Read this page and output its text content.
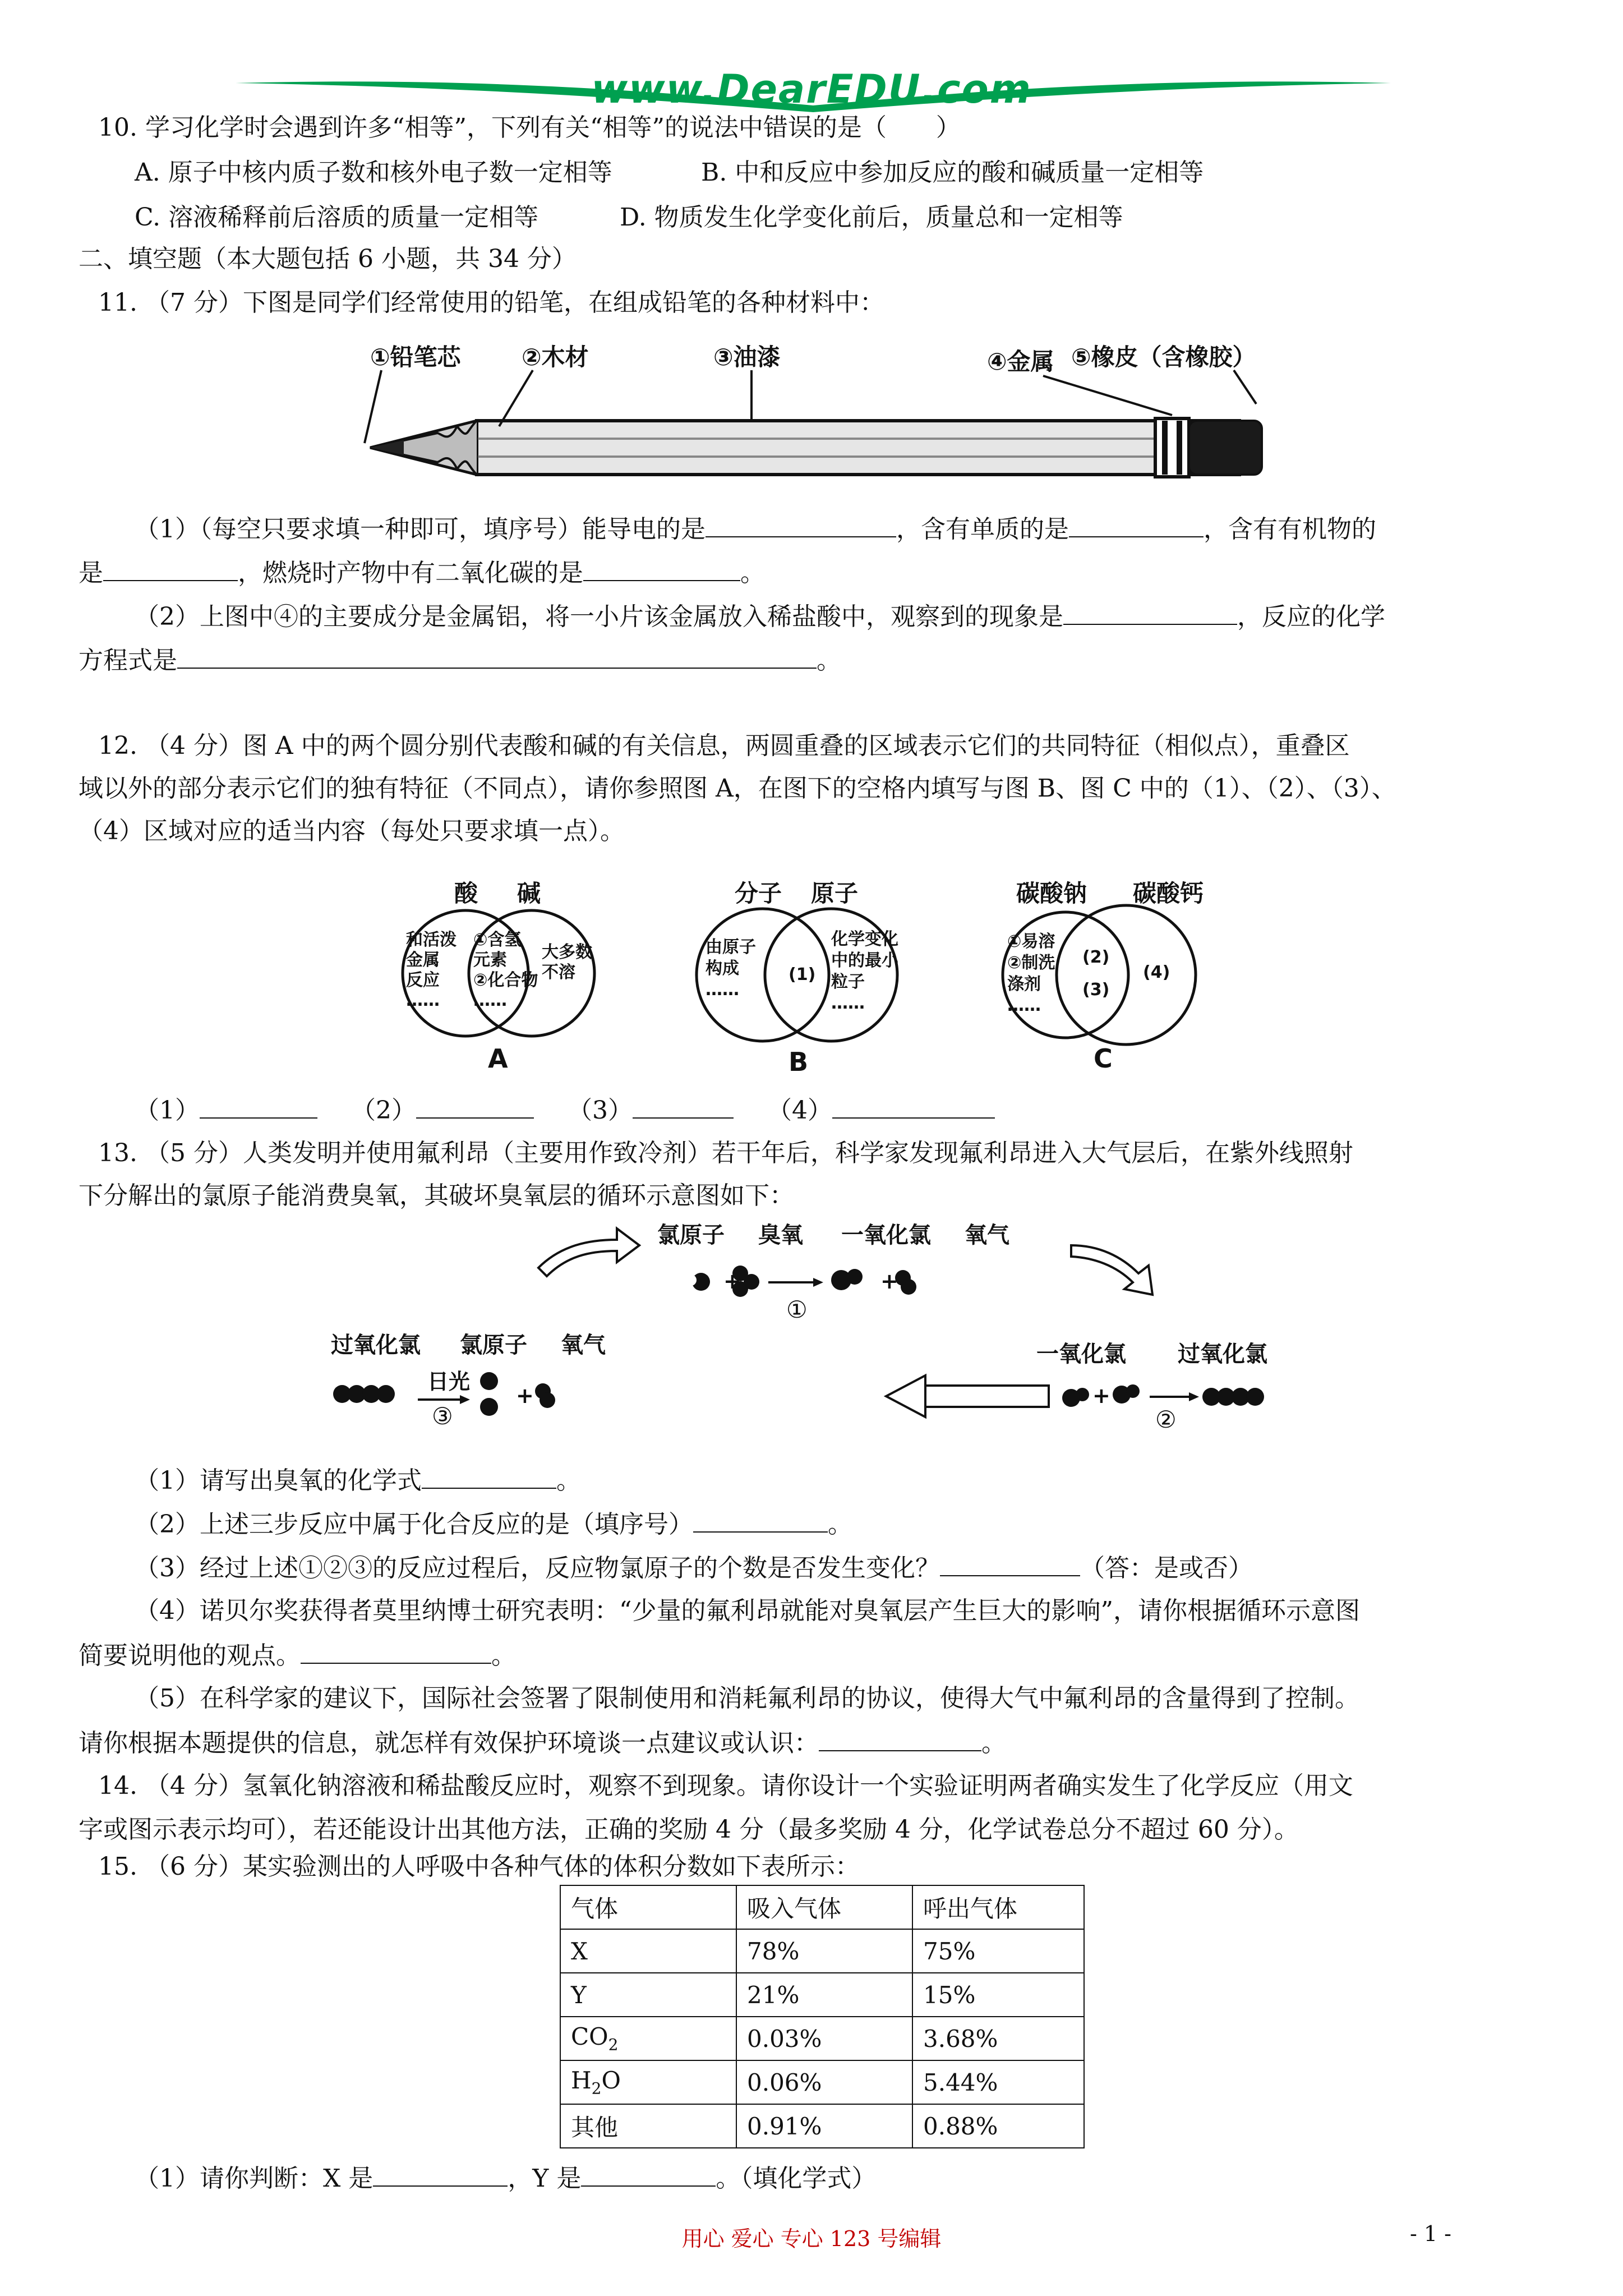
www.DearEDU.com
10. 学习化学时会遇到许多“相等”，下列有关“相等”的说法中错误的是（　　）
A. 原子中核内质子数和核外电子数一定相等	B. 中和反应中参加反应的酸和碱质量一定相等
C. 溶液稀释前后溶质的质量一定相等	D. 物质发生化学变化前后，质量总和一定相等
二、填空题（本大题包括 6 小题，共 34 分）
11. （7 分）下图是同学们经常使用的铅笔，在组成铅笔的各种材料中：
①铅笔芯	②木材	③油漆	④金属 ⑤橡皮（含橡胶）
（1）（每空只要求填一种即可，填序号）能导电的是	，含有单质的是	，含有有机物的
是	，燃烧时产物中有二氧化碳的是	。
（2）上图中④的主要成分是金属铝，将一小片该金属放入稀盐酸中，观察到的现象是	，反应的化学
方程式是	。
12. （4 分）图 A 中的两个圆分别代表酸和碱的有关信息，两圆重叠的区域表示它们的共同特征（相似点），重叠区
域以外的部分表示它们的独有特征（不同点），请你参照图 A，在图下的空格内填写与图 B、图 C 中的（1）、（2）、（3）、
（4）区域对应的适当内容（每处只要求填一点）。
酸 碱
和活泼
金属
反应
……
①含氢
元素
②化合物
……
大多数
不溶
A
分子 原子
由原子
构成
……
(1)
化学变化
中的最小
粒子
……
B
碳酸钠 碳酸钙
①易溶
②制洗
涤剂
……
(2)
(3)
(4)
C
（1）	（2）	（3）	（4）
13. （5 分）人类发明并使用氟利昂（主要用作致冷剂）若干年后，科学家发现氟利昂进入大气层后，在紫外线照射
下分解出的氯原子能消费臭氧，其破坏臭氧层的循环示意图如下：
氯原子 臭氧 一氧化氯 氧气
+	+
①
过氧化氯 氯原子 氧气
日光
③
+
一氧化氯 过氧化氯
+
②
（1）请写出臭氧的化学式	。
（2）上述三步反应中属于化合反应的是（填序号）	。
（3）经过上述①②③的反应过程后，反应物氯原子的个数是否发生变化？	（答：是或否）
（4）诺贝尔奖获得者莫里纳博士研究表明：“少量的氟利昂就能对臭氧层产生巨大的影响”，请你根据循环示意图
简要说明他的观点。	。
（5）在科学家的建议下，国际社会签署了限制使用和消耗氟利昂的协议，使得大气中氟利昂的含量得到了控制。
请你根据本题提供的信息，就怎样有效保护环境谈一点建议或认识：	。
14. （4 分）氢氧化钠溶液和稀盐酸反应时，观察不到现象。请你设计一个实验证明两者确实发生了化学反应（用文
字或图示表示均可），若还能设计出其他方法，正确的奖励 4 分（最多奖励 4 分，化学试卷总分不超过 60 分）。
15. （6 分）某实验测出的人呼吸中各种气体的体积分数如下表所示：
气体	吸入气体	呼出气体
X	78%	75%
Y	21%	15%
$CO_2$	0.03%	3.68%
$H_2O$	0.06%	5.44%
其他	0.91%	0.88%
（1）请你判断：X 是	，Y 是	。（填化学式）
用心 爱心 专心 123 号编辑	- 1 -
